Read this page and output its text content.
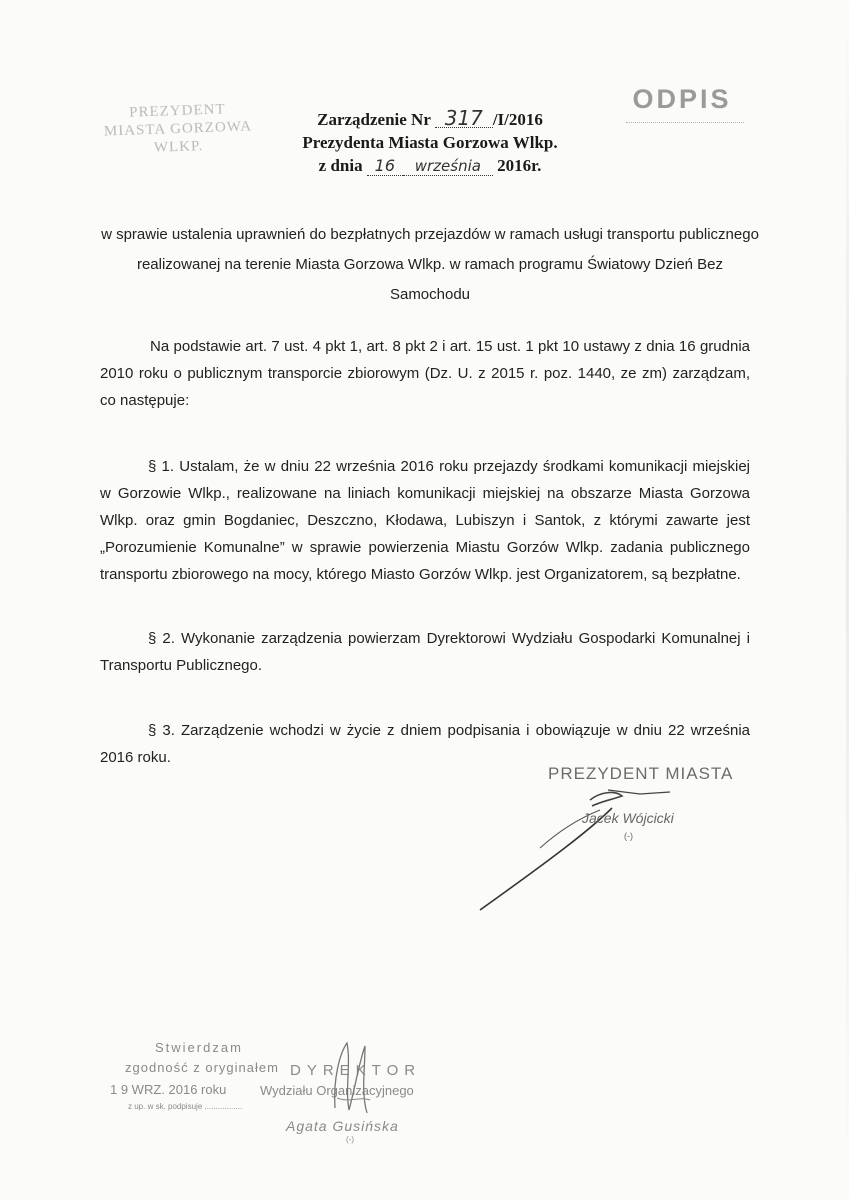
PREZYDENT
MIASTA GORZOWA WLKP.
ODPIS
Zarządzenie Nr 317 /I/2016
Prezydenta Miasta Gorzowa Wlkp.
z dnia 16 września 2016r.
w sprawie ustalenia uprawnień do bezpłatnych przejazdów w ramach usługi transportu publicznego realizowanej na terenie Miasta Gorzowa Wlkp. w ramach programu Światowy Dzień Bez Samochodu
Na podstawie art. 7 ust. 4 pkt 1, art. 8 pkt 2 i art. 15 ust. 1 pkt 10 ustawy z dnia 16 grudnia 2010 roku o publicznym transporcie zbiorowym (Dz. U. z 2015 r. poz. 1440, ze zm) zarządzam, co następuje:
§ 1. Ustalam, że w dniu 22 września 2016 roku przejazdy środkami komunikacji miejskiej w Gorzowie Wlkp., realizowane na liniach komunikacji miejskiej na obszarze Miasta Gorzowa Wlkp. oraz gmin Bogdaniec, Deszczno, Kłodawa, Lubiszyn i Santok, z którymi zawarte jest „Porozumienie Komunalne” w sprawie powierzenia Miastu Gorzów Wlkp. zadania publicznego transportu zbiorowego na mocy, którego Miasto Gorzów Wlkp. jest Organizatorem, są bezpłatne.
§ 2. Wykonanie zarządzenia powierzam Dyrektorowi Wydziału Gospodarki Komunalnej i Transportu Publicznego.
§ 3. Zarządzenie wchodzi w życie z dniem podpisania i obowiązuje w dniu 22 września 2016 roku.
PREZYDENT MIASTA
Jacek Wójcicki
(-)
Stwierdzam
zgodność z oryginałem
1 9 WRZ. 2016 roku
z up. w sk. podpisuje .................
DYREKTOR
Wydziału Organizacyjnego
Agata Gusińska
(-)
